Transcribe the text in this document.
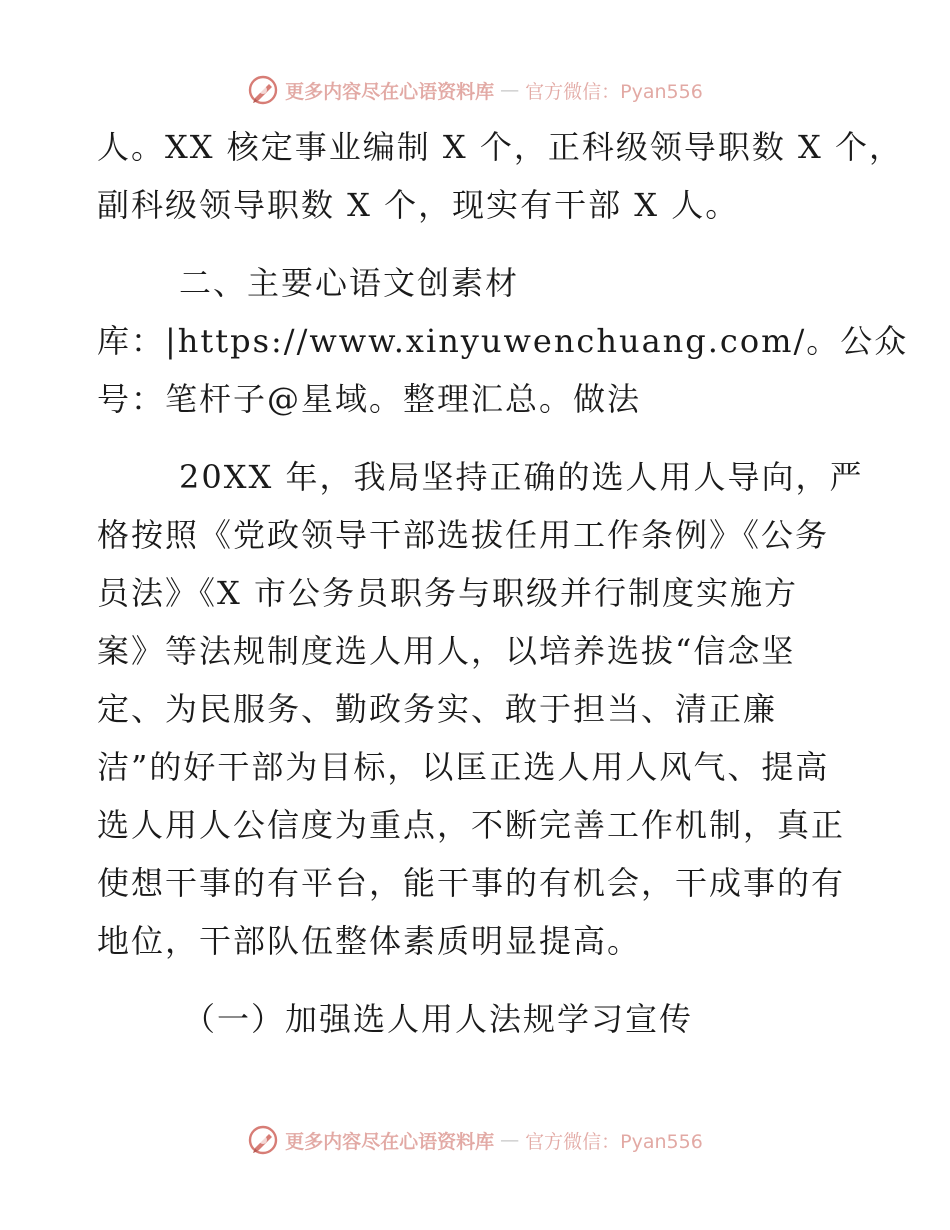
更多内容尽在心语资料库 — 官方微信：Pyan556
人。XX 核定事业编制 X 个，正科级领导职数 X 个，
副科级领导职数 X 个，现实有干部 X 人。
二、主要心语文创素材
库：|https://www.xinyuwenchuang.com/。公众
号：笔杆子@星域。整理汇总。做法
20XX 年，我局坚持正确的选人用人导向，严
格按照《党政领导干部选拔任用工作条例》《公务
员法》《X 市公务员职务与职级并行制度实施方
案》等法规制度选人用人，以培养选拔“信念坚
定、为民服务、勤政务实、敢于担当、清正廉
洁”的好干部为目标，以匡正选人用人风气、提高
选人用人公信度为重点，不断完善工作机制，真正
使想干事的有平台，能干事的有机会，干成事的有
地位，干部队伍整体素质明显提高。
（一）加强选人用人法规学习宣传
更多内容尽在心语资料库 — 官方微信：Pyan556
